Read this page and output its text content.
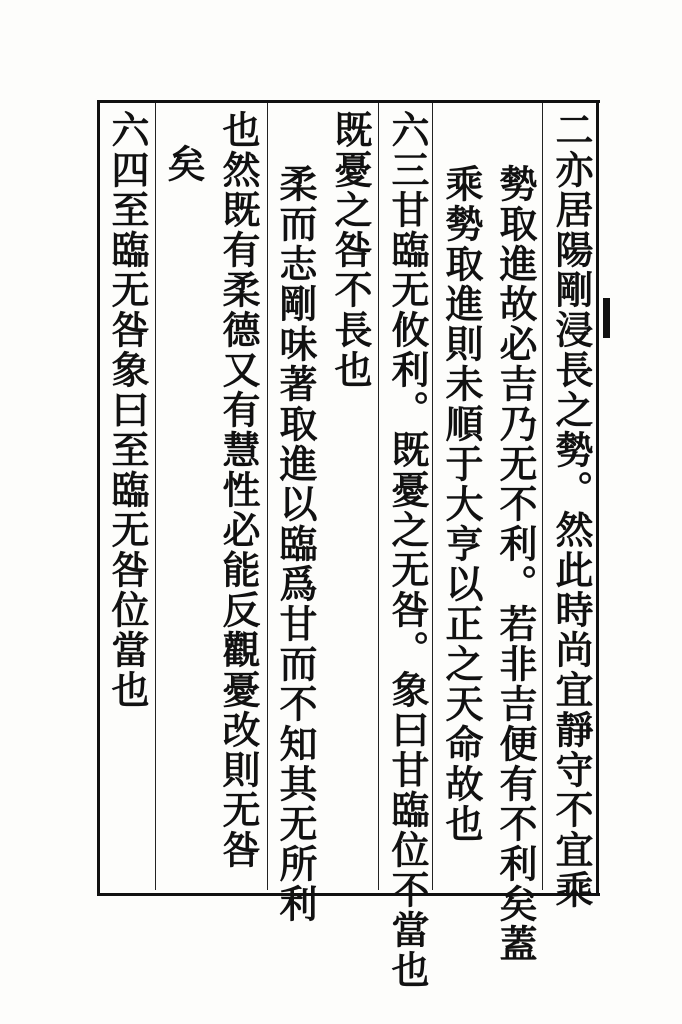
二亦居陽剛浸長之勢。然此時尚宜靜守不宜乘
勢取進故必吉乃无不利。若非吉便有不利矣蓋
乘勢取進則未順于大亨以正之天命故也
六三甘臨无攸利。既憂之无咎。象曰甘臨位不當也
既憂之咎不長也
柔而志剛味著取進以臨爲甘而不知其无所利
也然既有柔德又有慧性必能反觀憂改則无咎
矣
六四至臨无咎象曰至臨无咎位當也
